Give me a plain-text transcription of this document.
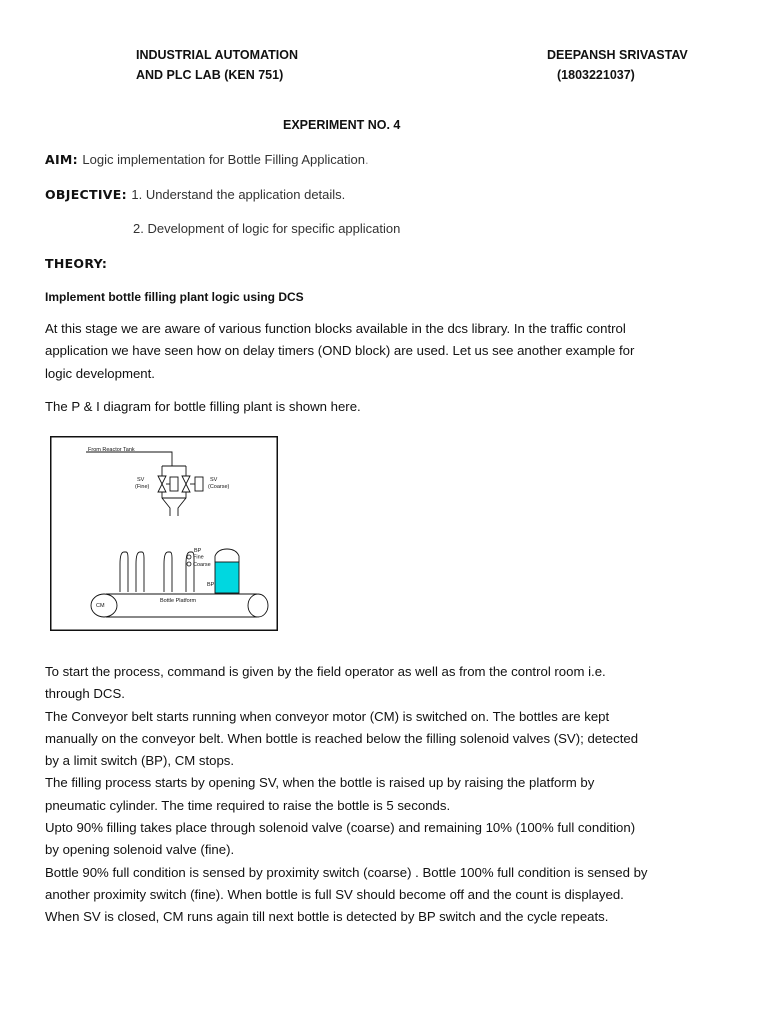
INDUSTRIAL AUTOMATION
AND PLC LAB (KEN 751)
DEEPANSH SRIVASTAV
(1803221037)
EXPERIMENT NO. 4
AIM: Logic implementation for Bottle Filling Application.
OBJECTIVE: 1. Understand the application details.
2. Development of logic for specific application
THEORY:
Implement bottle filling plant logic using DCS

At this stage we are aware of various function blocks available in the dcs library. In the traffic control

application we have seen how on delay timers (OND block) are used. Let us see another example for

logic development.

The P & I diagram for bottle filling plant is shown here.
From Reactor Tank
SV
(Fine)
SV
(Coarse)
BP
Fine
Coarse
BP
CM
Bottle Platform

To start the process, command is given by the field operator as well as from the control room i.e.

through DCS.

The Conveyor belt starts running when conveyor motor (CM) is switched on. The bottles are kept

manually on the conveyor belt. When bottle is reached below the filling solenoid valves (SV); detected

by a limit switch (BP), CM stops.

The filling process starts by opening SV, when the bottle is raised up by raising the platform by

pneumatic cylinder. The time required to raise the bottle is 5 seconds.

Upto 90% filling takes place through solenoid valve (coarse) and remaining 10% (100% full condition)

by opening solenoid valve (fine).

Bottle 90% full condition is sensed by proximity switch (coarse) . Bottle 100% full condition is sensed by

another proximity switch (fine). When bottle is full SV should become off and the count is displayed.

When SV is closed, CM runs again till next bottle is detected by BP switch and the cycle repeats.
